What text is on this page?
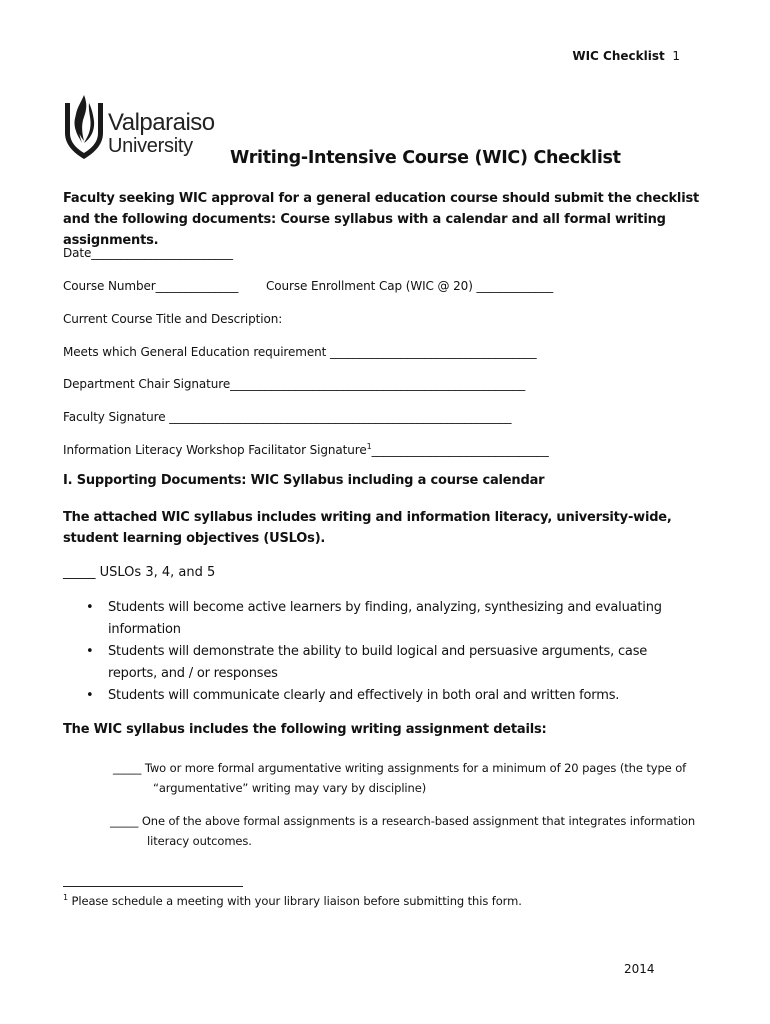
WIC Checklist 1
Valparaiso
University
Writing-Intensive Course (WIC) Checklist
Faculty seeking WIC approval for a general education course should submit the checklist and the following documents: Course syllabus with a calendar and all formal writing assignments.
Date________________________
Course Number______________ Course Enrollment Cap (WIC @ 20) _____________
Current Course Title and Description:
Meets which General Education requirement ___________________________________
Department Chair Signature__________________________________________________
Faculty Signature __________________________________________________________
Information Literacy Workshop Facilitator Signature$^1$______________________________
I. Supporting Documents: WIC Syllabus including a course calendar
The attached WIC syllabus includes writing and information literacy, university-wide, student learning objectives (USLOs).
_____ USLOs 3, 4, and 5
• Students will become active learners by finding, analyzing, synthesizing and evaluating information
• Students will demonstrate the ability to build logical and persuasive arguments, case reports, and / or responses
• Students will communicate clearly and effectively in both oral and written forms.
The WIC syllabus includes the following writing assignment details:
_____ Two or more formal argumentative writing assignments for a minimum of 20 pages (the type of “argumentative” writing may vary by discipline)
_____ One of the above formal assignments is a research-based assignment that integrates information literacy outcomes.
$^1$ Please schedule a meeting with your library liaison before submitting this form.
2014
